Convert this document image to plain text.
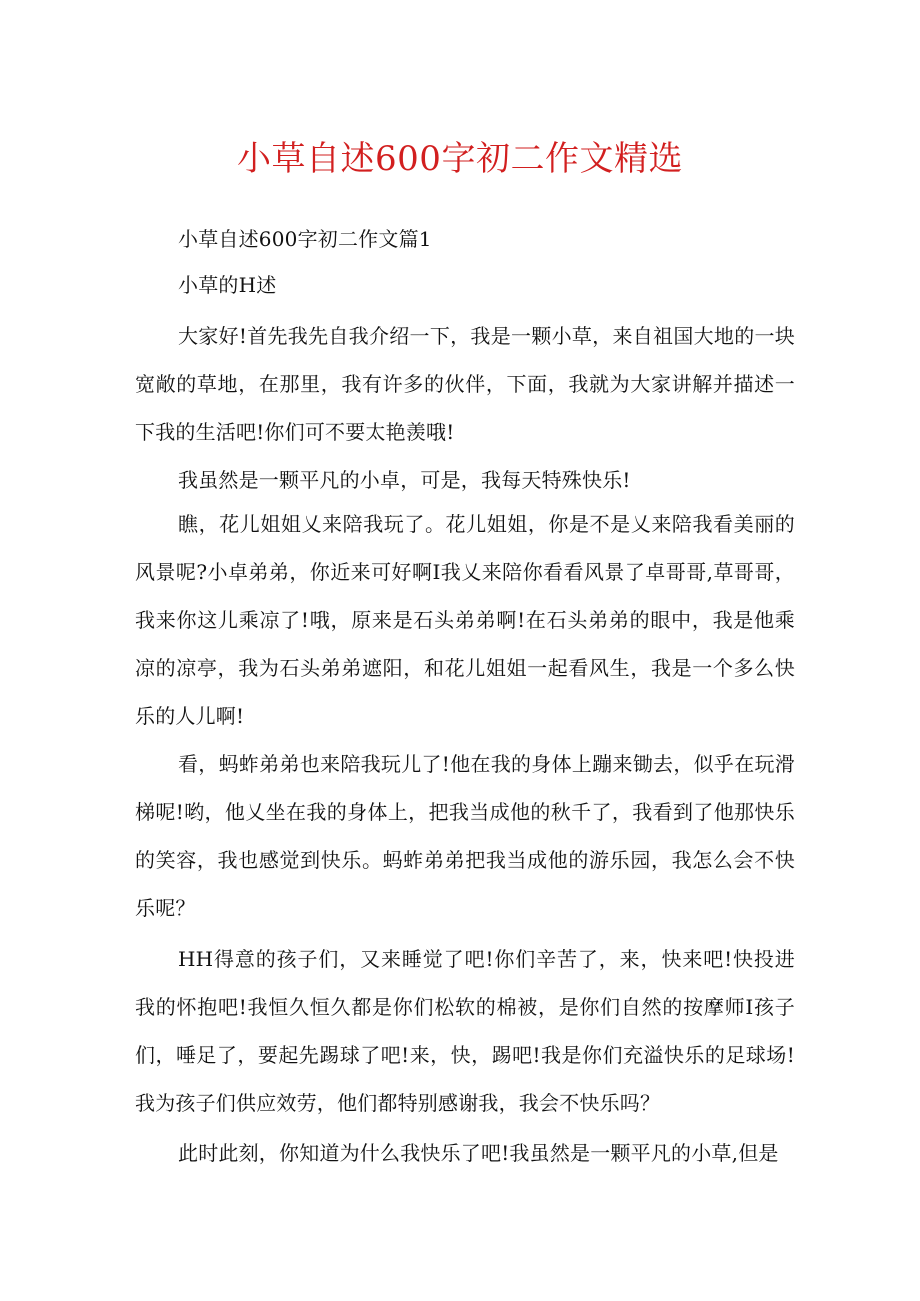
小草自述600字初二作文精选
小草自述600字初二作文篇1
小草的H述
大家好!首先我先自我介绍一下，我是一颗小草，来自祖国大地的一块宽敞的草地，在那里，我有许多的伙伴，下面，我就为大家讲解并描述一下我的生活吧!你们可不要太艳羡哦!
我虽然是一颗平凡的小卓，可是，我每天特殊快乐!
瞧，花儿姐姐乂来陪我玩了。花儿姐姐，你是不是乂来陪我看美丽的风景呢?小卓弟弟，你近来可好啊I我乂来陪你看看风景了卓哥哥,草哥哥，我来你这儿乘凉了!哦，原来是石头弟弟啊!在石头弟弟的眼中，我是他乘凉的凉亭，我为石头弟弟遮阳，和花儿姐姐一起看风生，我是一个多么快乐的人儿啊!
看，蚂蚱弟弟也来陪我玩儿了!他在我的身体上蹦来锄去，似乎在玩滑梯呢!哟，他乂坐在我的身体上，把我当成他的秋千了，我看到了他那快乐的笑容，我也感觉到快乐。蚂蚱弟弟把我当成他的游乐园，我怎么会不快乐呢？
HH得意的孩子们，又来睡觉了吧!你们辛苦了，来，快来吧!快投进我的怀抱吧!我恒久恒久都是你们松软的棉被，是你们自然的按摩师I孩子们，唾足了，要起先踢球了吧!来，快，踢吧!我是你们充溢快乐的足球场!我为孩子们供应效劳，他们都特别感谢我，我会不快乐吗？
此时此刻，你知道为什么我快乐了吧!我虽然是一颗平凡的小草,但是
